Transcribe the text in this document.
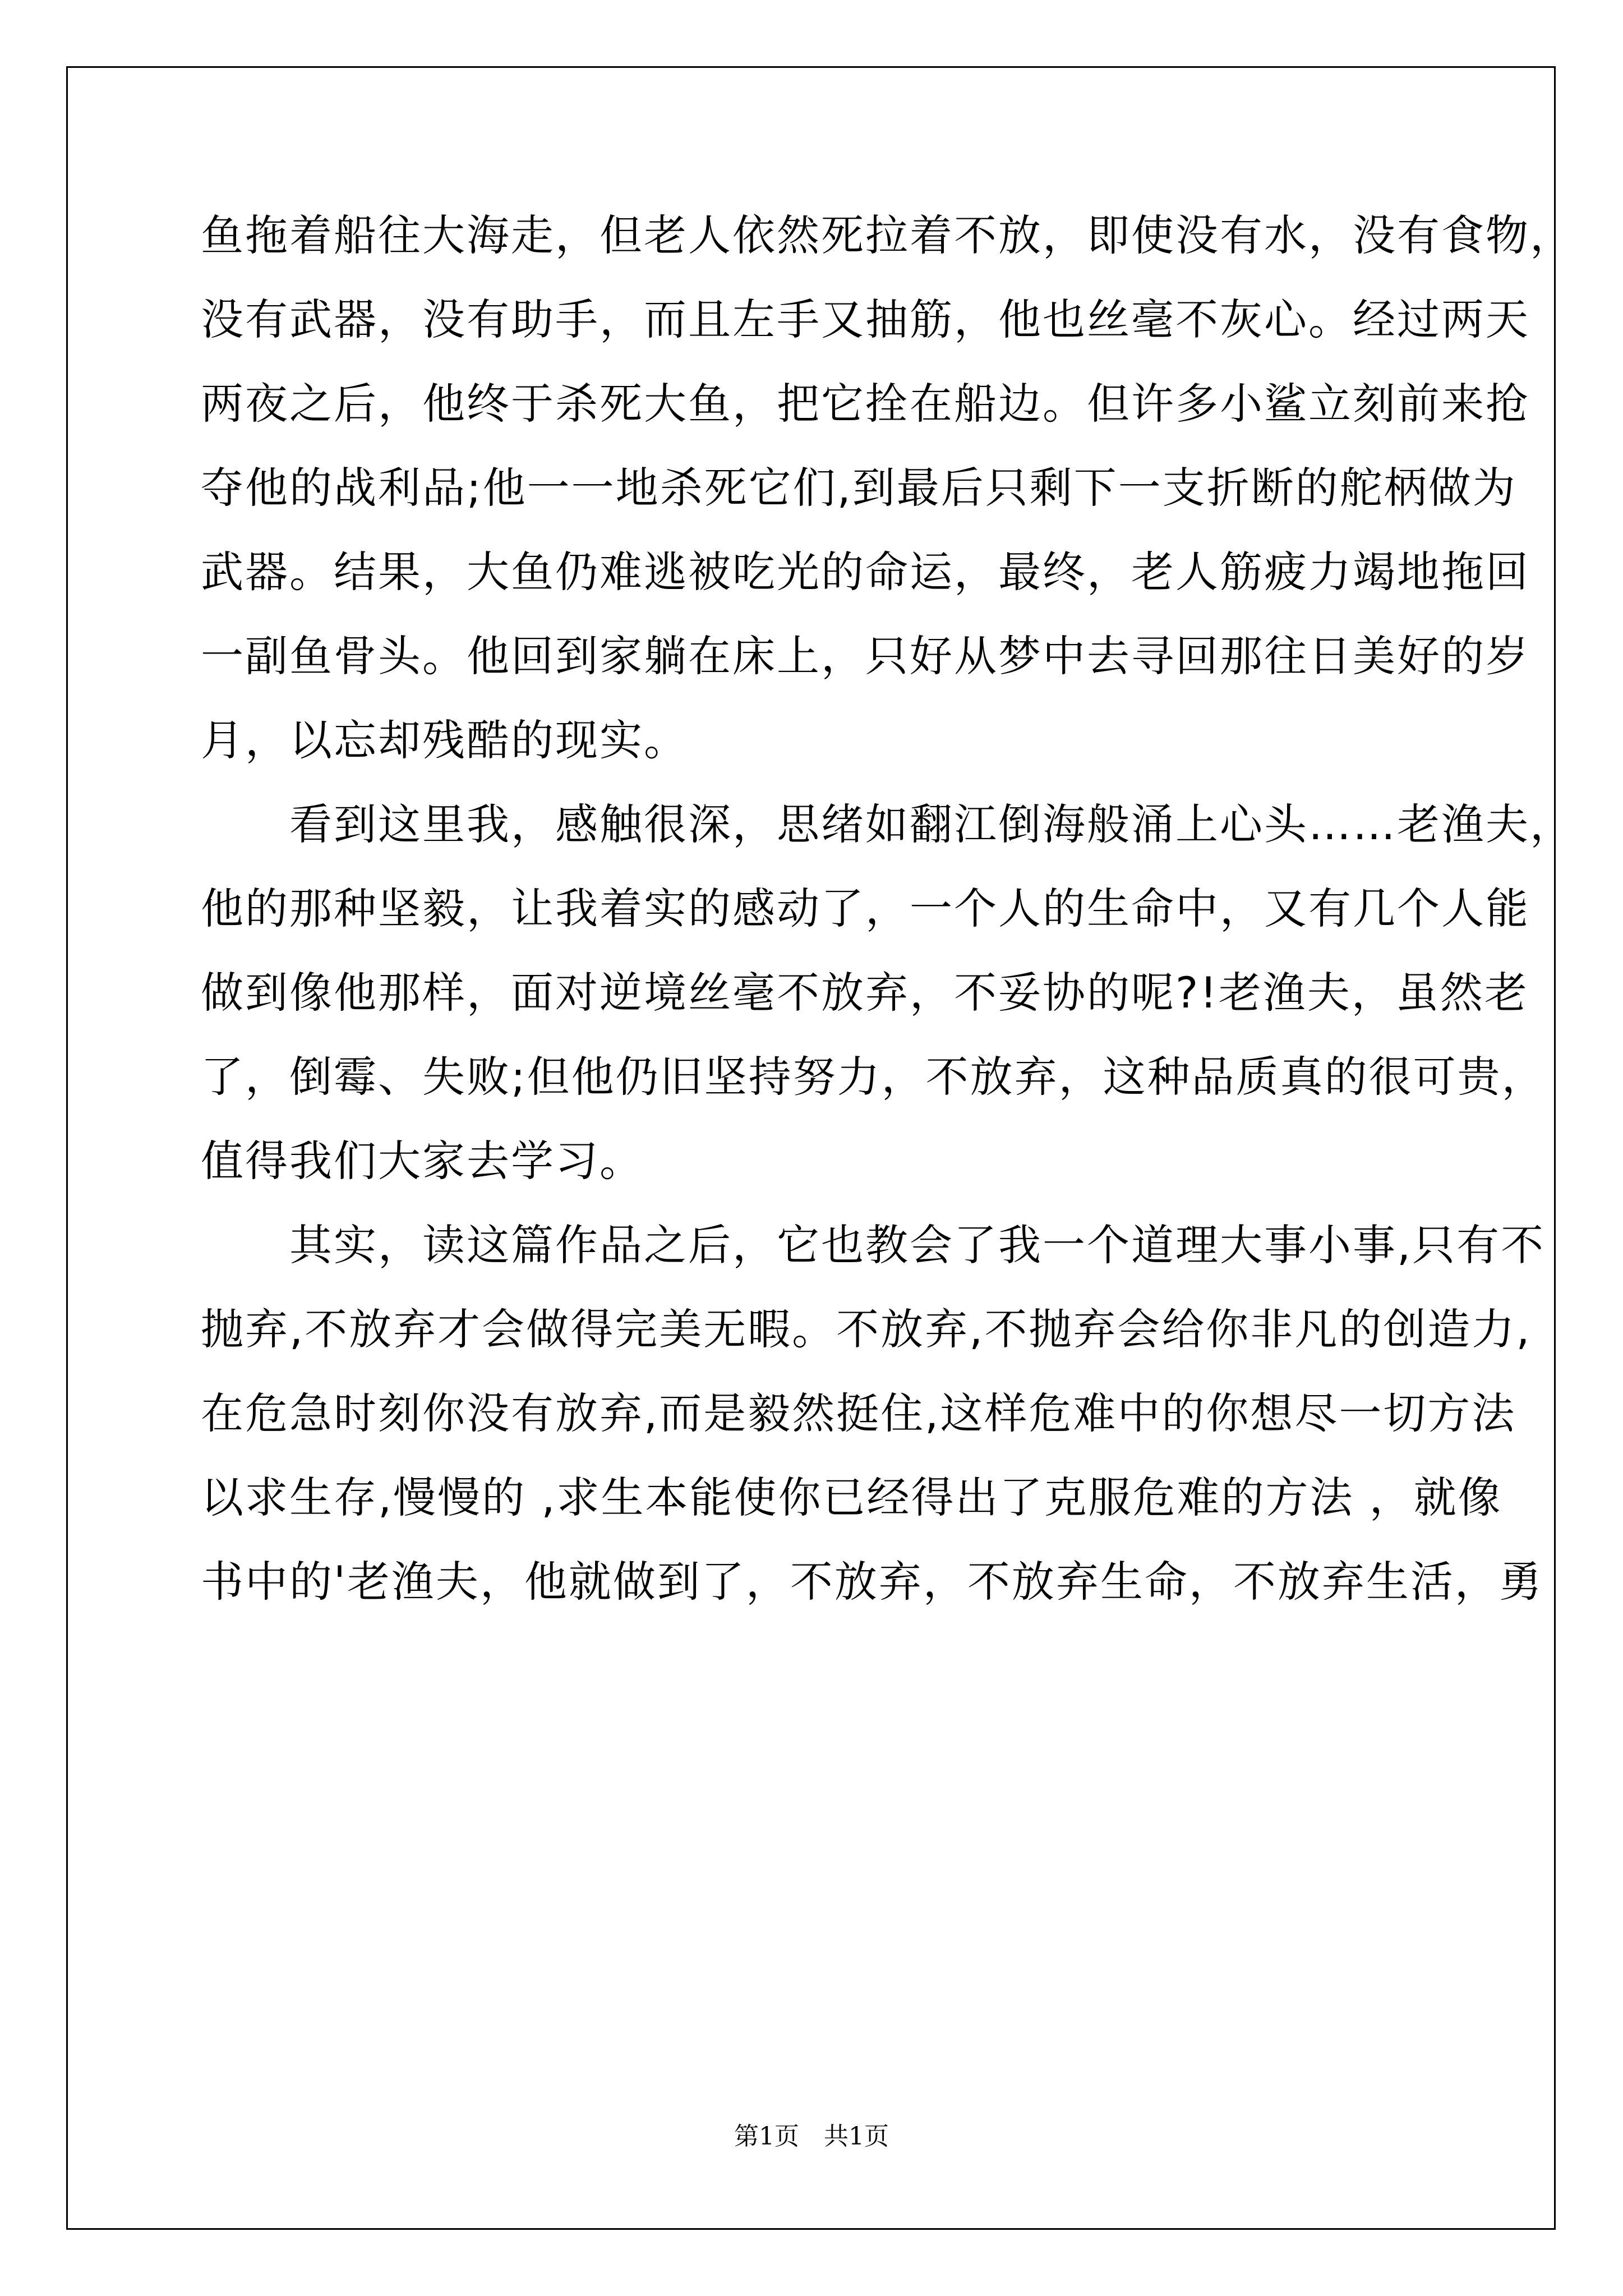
鱼拖着船往大海走，但老人依然死拉着不放，即使没有水，没有食物，
没有武器，没有助手，而且左手又抽筋，他也丝毫不灰心。经过两天
两夜之后，他终于杀死大鱼，把它拴在船边。但许多小鲨立刻前来抢
夺他的战利品;他一一地杀死它们,到最后只剩下一支折断的舵柄做为
武器。结果，大鱼仍难逃被吃光的命运，最终，老人筋疲力竭地拖回
一副鱼骨头。他回到家躺在床上，只好从梦中去寻回那往日美好的岁
月，以忘却残酷的现实。
　　看到这里我，感触很深，思绪如翻江倒海般涌上心头……老渔夫，
他的那种坚毅，让我着实的感动了，一个人的生命中，又有几个人能
做到像他那样，面对逆境丝毫不放弃，不妥协的呢?!老渔夫，虽然老
了，倒霉、失败;但他仍旧坚持努力，不放弃，这种品质真的很可贵，
值得我们大家去学习。
　　其实，读这篇作品之后，它也教会了我一个道理大事小事,只有不
抛弃,不放弃才会做得完美无暇。不放弃,不抛弃会给你非凡的创造力,
在危急时刻你没有放弃,而是毅然挺住,这样危难中的你想尽一切方法
以求生存,慢慢的 ,求生本能使你已经得出了克服危难的方法 ，就像
书中的'老渔夫，他就做到了，不放弃，不放弃生命，不放弃生活，勇
第1页　共1页
